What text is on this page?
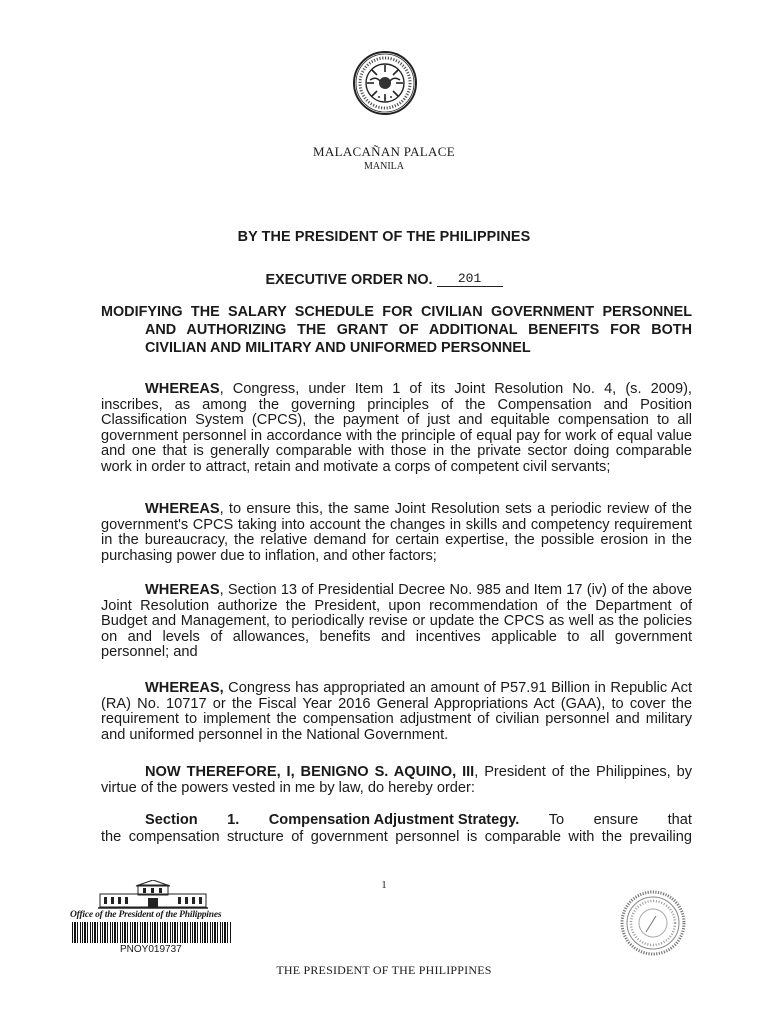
MALACAÑAN PALACE
MANILA
BY THE PRESIDENT OF THE PHILIPPINES
EXECUTIVE ORDER NO. 201
MODIFYING THE SALARY SCHEDULE FOR CIVILIAN GOVERNMENT PERSONNEL
AND AUTHORIZING THE GRANT OF ADDITIONAL BENEFITS FOR BOTH
CIVILIAN AND MILITARY AND UNIFORMED PERSONNEL
WHEREAS, Congress, under Item 1 of its Joint Resolution No. 4, (s. 2009), inscribes, as among the governing principles of the Compensation and Position Classification System (CPCS), the payment of just and equitable compensation to all government personnel in accordance with the principle of equal pay for work of equal value and one that is generally comparable with those in the private sector doing comparable work in order to attract, retain and motivate a corps of competent civil servants;
WHEREAS, to ensure this, the same Joint Resolution sets a periodic review of the government's CPCS taking into account the changes in skills and competency requirement in the bureaucracy, the relative demand for certain expertise, the possible erosion in the purchasing power due to inflation, and other factors;
WHEREAS, Section 13 of Presidential Decree No. 985 and Item 17 (iv) of the above Joint Resolution authorize the President, upon recommendation of the Department of Budget and Management, to periodically revise or update the CPCS as well as the policies on and levels of allowances, benefits and incentives applicable to all government personnel; and
WHEREAS, Congress has appropriated an amount of P57.91 Billion in Republic Act (RA) No. 10717 or the Fiscal Year 2016 General Appropriations Act (GAA), to cover the requirement to implement the compensation adjustment of civilian personnel and military and uniformed personnel in the National Government.
NOW THEREFORE, I, BENIGNO S. AQUINO, III, President of the Philippines, by virtue of the powers vested in me by law, do hereby order:
Section 1. Compensation Adjustment Strategy. To ensure that
the compensation structure of government personnel is comparable with the prevailing
1
Office of the President of the Philippines
PNOY019737
THE PRESIDENT OF THE PHILIPPINES
